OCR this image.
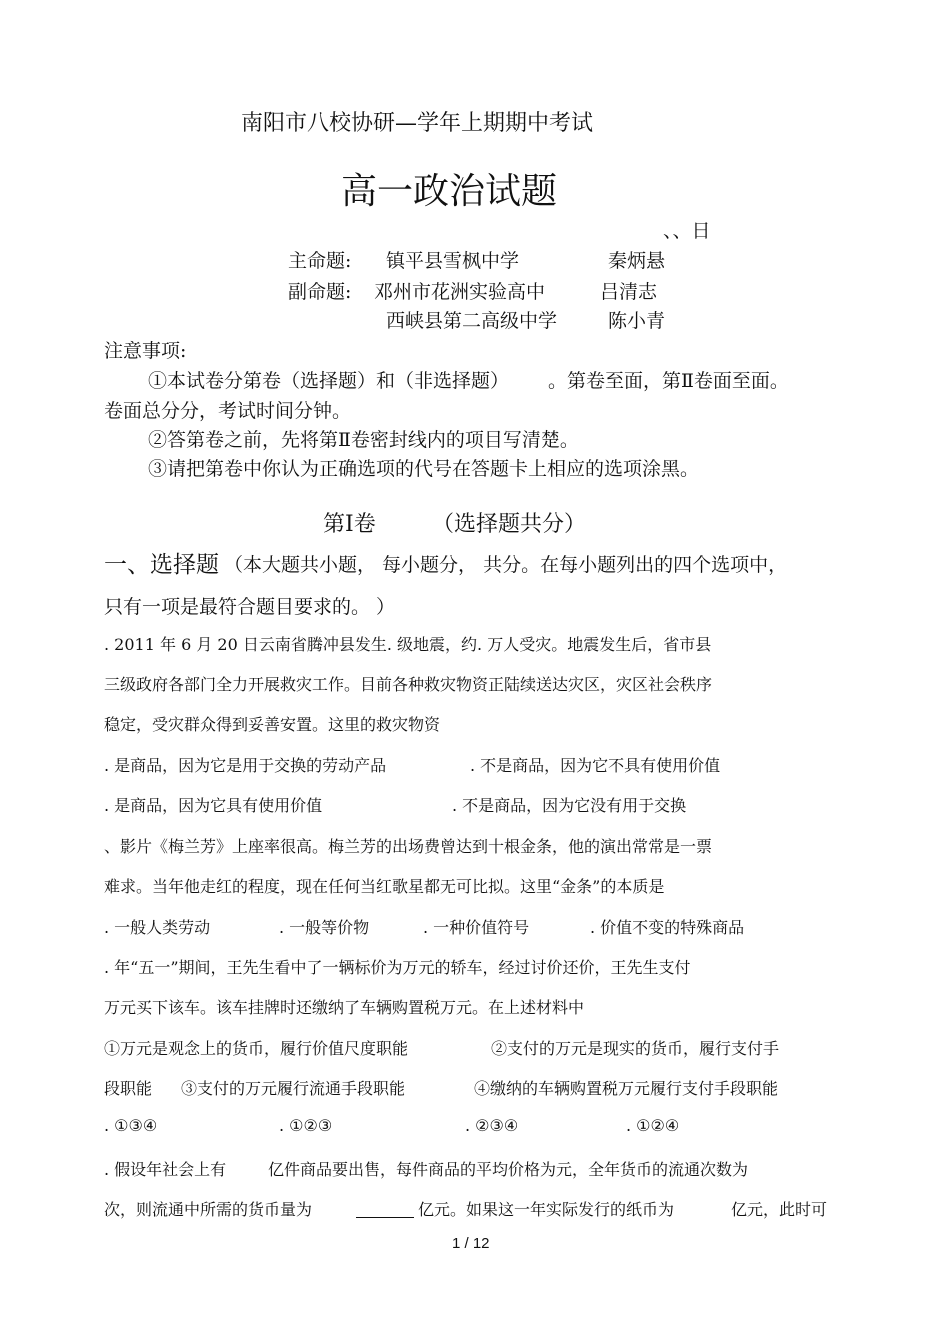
南阳市八校协研—学年上期期中考试
高一政治试题
、、日
主命题: 镇平县雪枫中学	秦炳悬
副命题: 邓州市花洲实验高中	吕清志
西峡县第二高级中学	陈小青
注意事项:
①本试卷分第卷（选择题）和（非选择题） 。第卷至面，第Ⅱ卷面至面。
卷面总分分，考试时间分钟。
②答第卷之前，先将第Ⅱ卷密封线内的项目写清楚。
③请把第卷中你认为正确选项的代号在答题卡上相应的选项涂黑。
第Ⅰ卷	（选择题共分）
一、选择题 （本大题共小题， 每小题分， 共分。在每小题列出的四个选项中，
只有一项是最符合题目要求的。 ）
. 2011 年 6 月 20 日云南省腾冲县发生. 级地震，约. 万人受灾。地震发生后，省市县
三级政府各部门全力开展救灾工作。目前各种救灾物资正陆续送达灾区，灾区社会秩序
稳定，受灾群众得到妥善安置。这里的救灾物资
. 是商品，因为它是用于交换的劳动产品	. 不是商品，因为它不具有使用价值
. 是商品，因为它具有使用价值	. 不是商品，因为它没有用于交换
、影片《梅兰芳》上座率很高。梅兰芳的出场费曾达到十根金条，他的演出常常是一票
难求。当年他走红的程度，现在任何当红歌星都无可比拟。这里“金条”的本质是
. 一般人类劳动	. 一般等价物	. 一种价值符号	. 价值不变的特殊商品
. 年“五一”期间，王先生看中了一辆标价为万元的轿车，经过讨价还价，王先生支付
万元买下该车。该车挂牌时还缴纳了车辆购置税万元。在上述材料中
①万元是观念上的货币，履行价值尺度职能	②支付的万元是现实的货币，履行支付手
段职能 ③支付的万元履行流通手段职能	④缴纳的车辆购置税万元履行支付手段职能
. ①③④	. ①②③	. ②③④	. ①②④
. 假设年社会上有	亿件商品要出售，每件商品的平均价格为元，全年货币的流通次数为
次，则流通中所需的货币量为	亿元。如果这一年实际发行的纸币为	亿元，此时可
1 / 12
